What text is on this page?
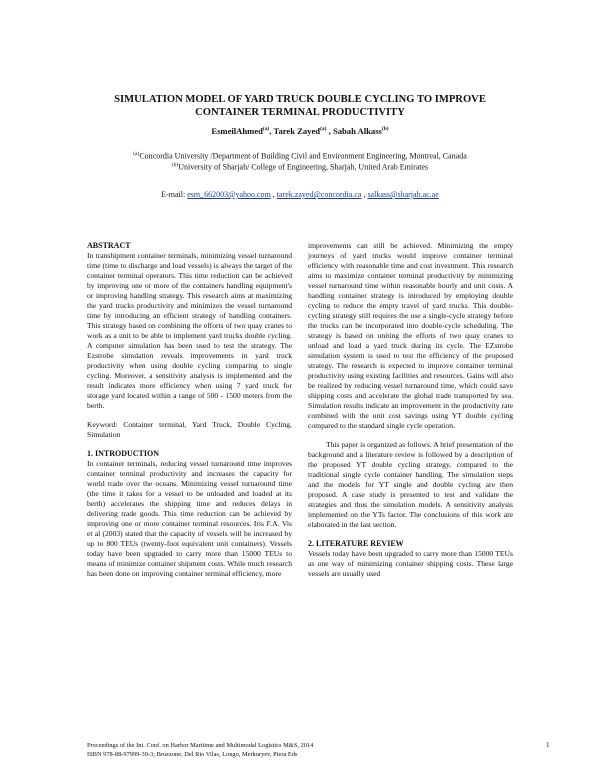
SIMULATION MODEL OF YARD TRUCK DOUBLE CYCLING TO IMPROVE
CONTAINER TERMINAL PRODUCTIVITY
EsmeilAhmed$^{(a)}$, Tarek Zayed$^{(a)}$ , Sabah Alkass$^{(b)}$
$^{(a)}$Concordia University /Department of Building Civil and Environment Engineering, Montreal, Canada
$^{(b)}$University of Sharjah/ College of Engineering, Sharjah, United Arab Emirates
E-mail: esm_662003@yahoo.com , tarek.zayed@concordia.ca , salkass@sharjah.ac.ae

ABSTRACT

In transhipment container terminals, minimizing vessel turnaround time (time to discharge and load vessels) is always the target of the container terminal operators. This time reduction can be achieved by improving one or more of the containers handling equipment's or improving handling strategy. This research aims at maximizing the yard trucks productivity and minimizes the vessel turnaround time by introducing an efficient strategy of handling containers. This strategy based on combining the efforts of two quay cranes to work as a unit to be able to implement yard trucks double cycling. A computer simulation has been used to test the strategy. The Ezstrobe simulation reveals improvements in yard truck productivity when using double cycling comparing to single cycling. Moreover, a sensitivity analysis is implemented and the result indicates more efficiency when using 7 yard truck for storage yard located within a range of 500 - 1500 meters from the berth.

Keyword: Container terminal, Yard Truck, Double Cycling, Simulation

1. INTRODUCTION

In container terminals, reducing vessel turnaround time improves container terminal productivity and increases the capacity for world trade over the oceans. Minimizing vessel turnaround time (the time it takes for a vessel to be unloaded and loaded at its berth) accelerates the shipping time and reduces delays in delivering trade goods. This time reduction can be achieved by improving one or more container terminal resources. Iris F.A. Vis et al (2003) stated that the capacity of vessels will be increased by up to 800 TEUs (twenty-foot equivalent unit containers). Vessels today have been upgraded to carry more than 15000 TEUs to means of minimize container shipment costs. While much research has been done on improving container terminal efficiency, more

improvements can still be achieved. Minimizing the empty journeys of yard trucks would improve container terminal efficiency with reasonable time and cost investment. This research aims to maximize container terminal productivity by minimizing vessel turnaround time within reasonable hourly and unit costs. A handling container strategy is introduced by employing double cycling to reduce the empty travel of yard trucks. This double-cycling strategy still requires the use a single-cycle strategy before the trucks can be incorporated into double-cycle scheduling. The strategy is based on uniting the efforts of two quay cranes to unload and load a yard truck during its cycle. The EZstrobe simulation system is used to test the efficiency of the proposed strategy. The research is expected to improve container terminal productivity using existing facilities and resources. Gains will also be realized by reducing vessel turnaround time, which could save shipping costs and accelerate the global trade transported by sea. Simulation results indicate an improvement in the productivity rate combined with the unit cost savings using YT double cycling compared to the standard single cycle operation.

This paper is organized as follows. A brief presentation of the background and a literature review is followed by a description of the proposed YT double cycling strategy, compared to the traditional single cycle container handling. The simulation steps and the models for YT single and double cycling are then proposed. A case study is presented to test and validate the strategies and thus the simulation models. A sensitivity analysis implemented on the YTs factor. The conclusions of this work are elaborated in the last section.

2. LITERATURE REVIEW

Vessels today have been upgraded to carry more than 15000 TEUs as one way of minimizing container shipping costs. These large vessels are usually used

Proceedings of the Int. Conf. on Harbor Maritime and Multimodal Logistics M&S, 2014
ISBN 978-88-97999-39-3; Bruzzone, Del Rio Vilas, Longo, Merkuryev, Piera Eds
1
